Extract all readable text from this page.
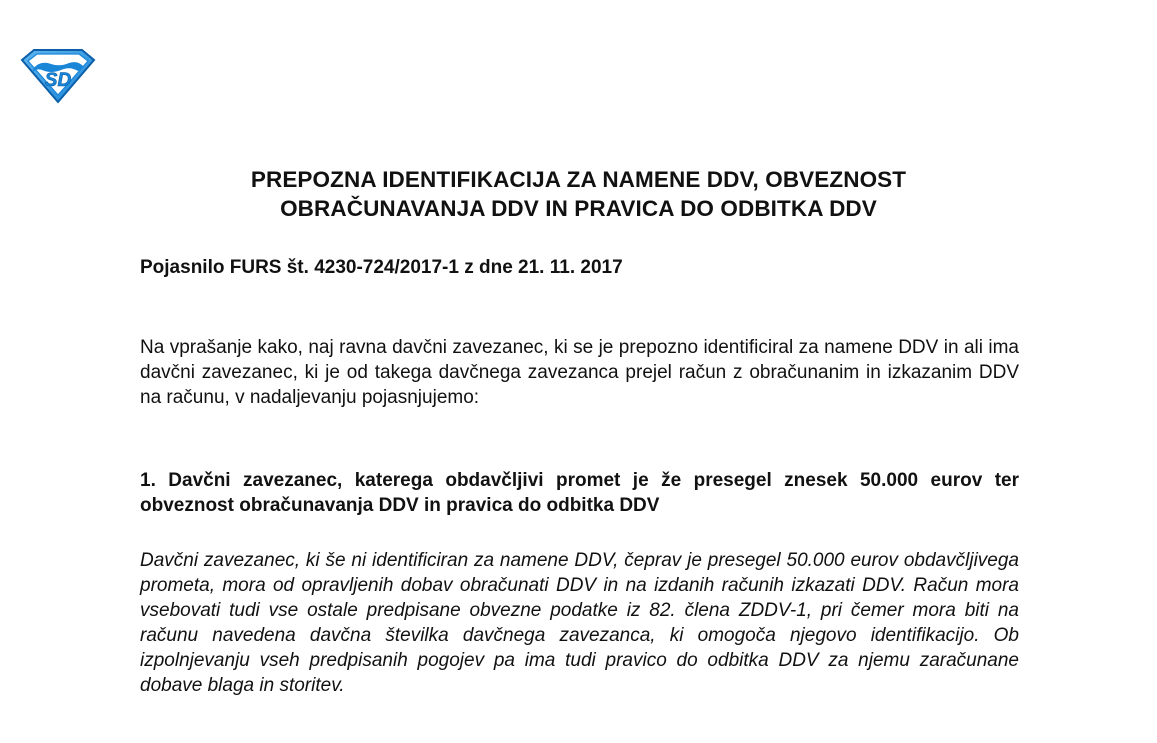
SD
PREPOZNA IDENTIFIKACIJA ZA NAMENE DDV, OBVEZNOST
OBRAČUNAVANJA DDV IN PRAVICA DO ODBITKA DDV
Pojasnilo FURS št. 4230-724/2017-1 z dne 21. 11. 2017
Na vprašanje kako, naj ravna davčni zavezanec, ki se je prepozno identificiral za namene DDV in ali ima davčni zavezanec, ki je od takega davčnega zavezanca prejel račun z obračunanim in izkazanim DDV na računu, v nadaljevanju pojasnjujemo:
1. Davčni zavezanec, katerega obdavčljivi promet je že presegel znesek 50.000 eurov ter obveznost obračunavanja DDV in pravica do odbitka DDV
Davčni zavezanec, ki še ni identificiran za namene DDV, čeprav je presegel 50.000 eurov obdavčljivega prometa, mora od opravljenih dobav obračunati DDV in na izdanih računih izkazati DDV. Račun mora vsebovati tudi vse ostale predpisane obvezne podatke iz 82. člena ZDDV-1, pri čemer mora biti na računu navedena davčna številka davčnega zavezanca, ki omogoča njegovo identifikacijo. Ob izpolnjevanju vseh predpisanih pogojev pa ima tudi pravico do odbitka DDV za njemu zaračunane dobave blaga in storitev.
